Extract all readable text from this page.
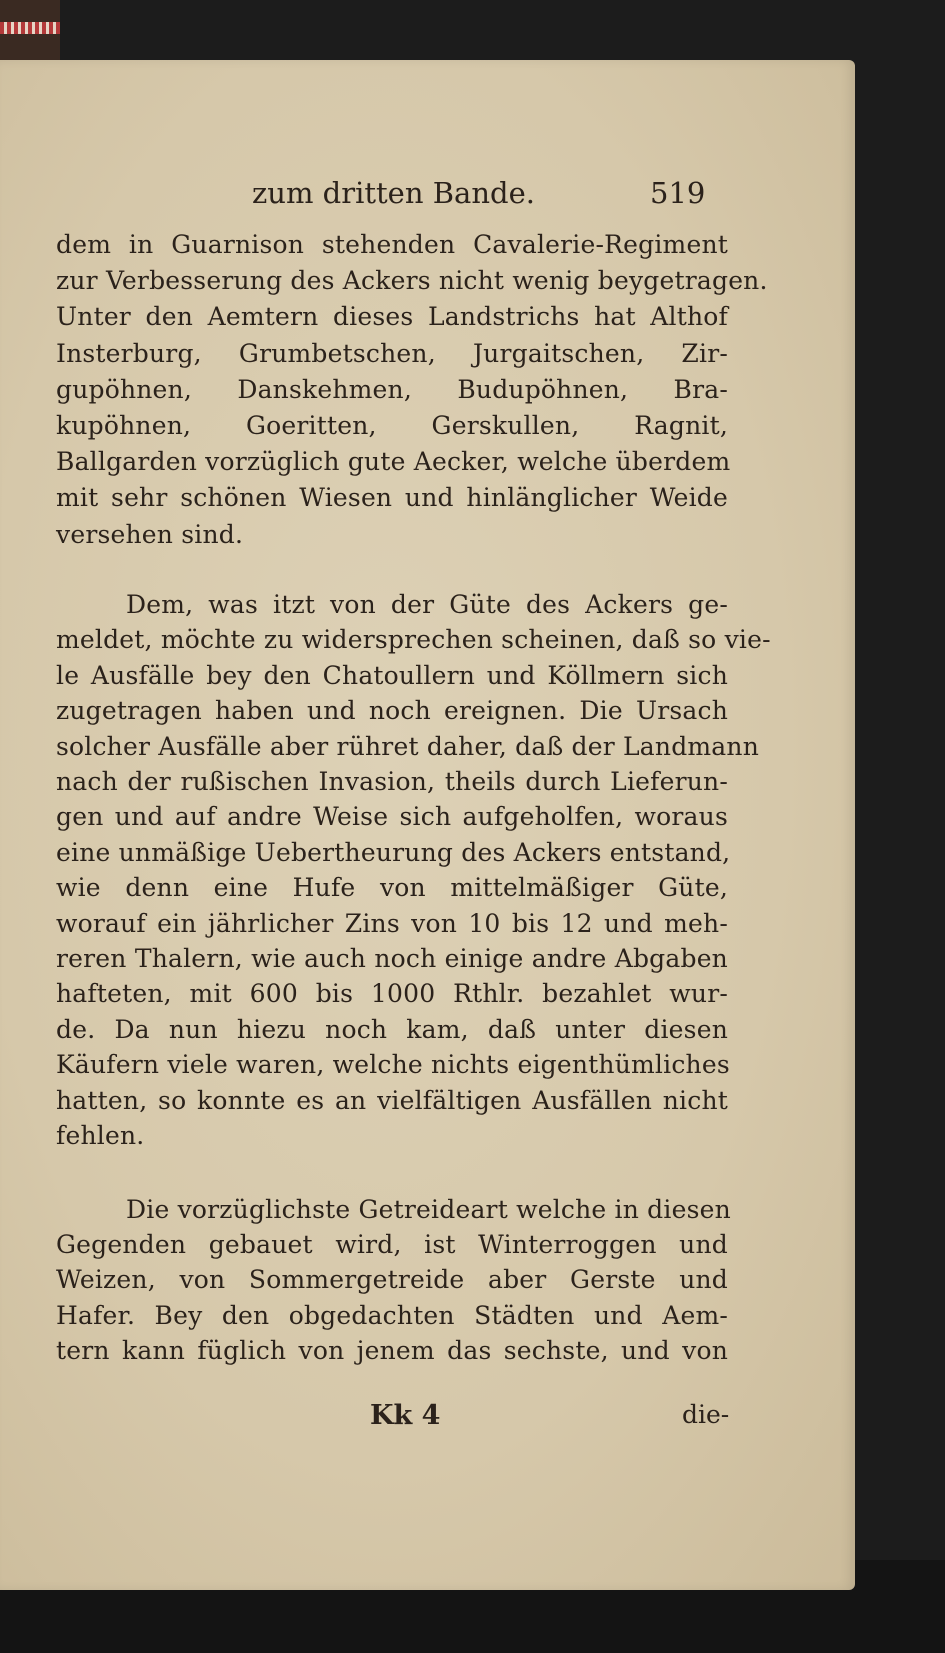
zum dritten Bande.	519
dem in Guarnison stehenden Cavalerie-Regiment
zur Verbesserung des Ackers nicht wenig beygetragen.
Unter den Aemtern dieses Landstrichs hat Althof
Insterburg, Grumbetschen, Jurgaitschen, Zir-
gupöhnen, Danskehmen, Budupöhnen, Bra-
kupöhnen, Goeritten, Gerskullen, Ragnit,
Ballgarden vorzüglich gute Aecker, welche überdem
mit sehr schönen Wiesen und hinlänglicher Weide
versehen sind.
Dem, was itzt von der Güte des Ackers ge-
meldet, möchte zu widersprechen scheinen, daß so vie-
le Ausfälle bey den Chatoullern und Köllmern sich
zugetragen haben und noch ereignen. Die Ursach
solcher Ausfälle aber rühret daher, daß der Landmann
nach der rußischen Invasion, theils durch Lieferun-
gen und auf andre Weise sich aufgeholfen, woraus
eine unmäßige Uebertheurung des Ackers entstand,
wie denn eine Hufe von mittelmäßiger Güte,
worauf ein jährlicher Zins von 10 bis 12 und meh-
reren Thalern, wie auch noch einige andre Abgaben
hafteten, mit 600 bis 1000 Rthlr. bezahlet wur-
de. Da nun hiezu noch kam, daß unter diesen
Käufern viele waren, welche nichts eigenthümliches
hatten, so konnte es an vielfältigen Ausfällen nicht
fehlen.
Die vorzüglichste Getreideart welche in diesen
Gegenden gebauet wird, ist Winterroggen und
Weizen, von Sommergetreide aber Gerste und
Hafer. Bey den obgedachten Städten und Aem-
tern kann füglich von jenem das sechste, und von
Kk 4	die-
